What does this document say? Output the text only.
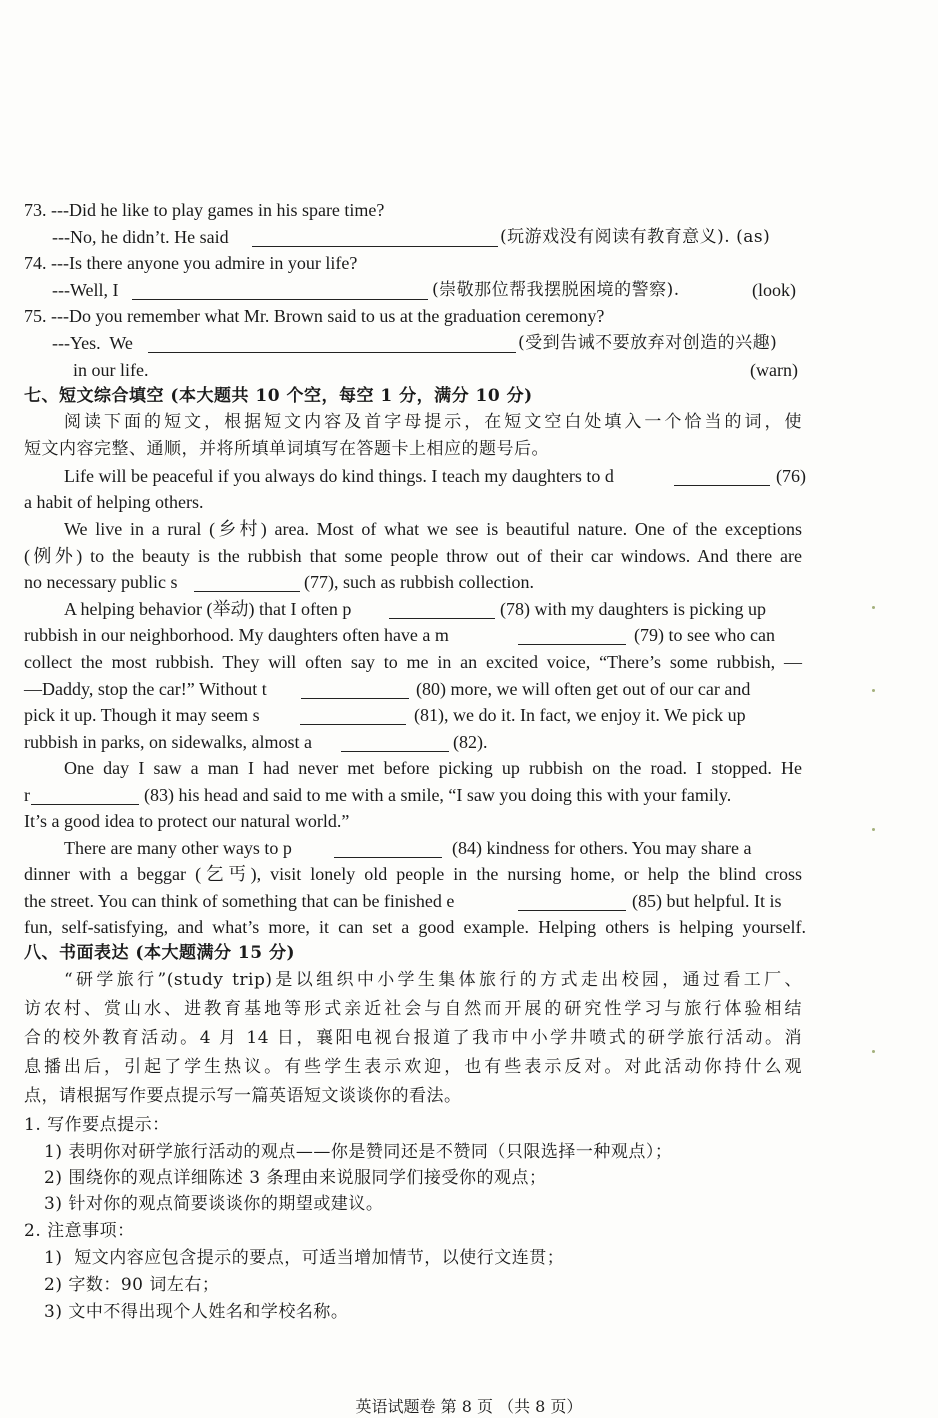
73. ---Did he like to play games in his spare time?
---No, he didn’t. He said	(玩游戏没有阅读有教育意义). (as)
74. ---Is there anyone you admire in your life?
---Well, I	(崇敬那位帮我摆脱困境的警察).	(look)
75. ---Do you remember what Mr. Brown said to us at the graduation ceremony?
---Yes.  We	(受到告诫不要放弃对创造的兴趣)
in our life.	(warn)
七、短文综合填空 (本大题共 10 个空，每空 1 分，满分 10 分)
阅读下面的短文，根据短文内容及首字母提示，在短文空白处填入一个恰当的词，使
短文内容完整、通顺，并将所填单词填写在答题卡上相应的题号后。
Life will be peaceful if you always do kind things. I teach my daughters to d	(76)
a habit of helping others.
We live in a rural (乡村) area. Most of what we see is beautiful nature. One of the exceptions
(例外) to the beauty is the rubbish that some people throw out of their car windows. And there are
no necessary public s	(77), such as rubbish collection.
A helping behavior (举动) that I often p	(78) with my daughters is picking up
rubbish in our neighborhood. My daughters often have a m	(79) to see who can
collect the most rubbish. They will often say to me in an excited voice, “There’s some rubbish, —
—Daddy, stop the car!” Without t	(80) more, we will often get out of our car and
pick it up. Though it may seem s	(81), we do it. In fact, we enjoy it. We pick up
rubbish in parks, on sidewalks, almost a	(82).
One day I saw a man I had never met before picking up rubbish on the road. I stopped. He
r	(83) his head and said to me with a smile, “I saw you doing this with your family.
It’s a good idea to protect our natural world.”
There are many other ways to p	(84) kindness for others. You may share a
dinner with a beggar (乞丐), visit lonely old people in the nursing home, or help the blind cross
the street. You can think of something that can be finished e	(85) but helpful. It is
fun, self-satisfying, and what’s more, it can set a good example. Helping others is helping yourself.
八、书面表达 (本大题满分 15 分)
“研学旅行”(study trip)是以组织中小学生集体旅行的方式走出校园，通过看工厂、
访农村、赏山水、进教育基地等形式亲近社会与自然而开展的研究性学习与旅行体验相结
合的校外教育活动。4 月 14 日，襄阳电视台报道了我市中小学井喷式的研学旅行活动。消
息播出后，引起了学生热议。有些学生表示欢迎，也有些表示反对。对此活动你持什么观
点，请根据写作要点提示写一篇英语短文谈谈你的看法。
1. 写作要点提示：
1) 表明你对研学旅行活动的观点——你是赞同还是不赞同（只限选择一种观点）；
2) 围绕你的观点详细陈述 3 条理由来说服同学们接受你的观点；
3) 针对你的观点简要谈谈你的期望或建议。
2. 注意事项：
1)  短文内容应包含提示的要点，可适当增加情节，以使行文连贯；
2) 字数：90 词左右；
3) 文中不得出现个人姓名和学校名称。
英语试题卷 第 8 页 （共 8 页）
